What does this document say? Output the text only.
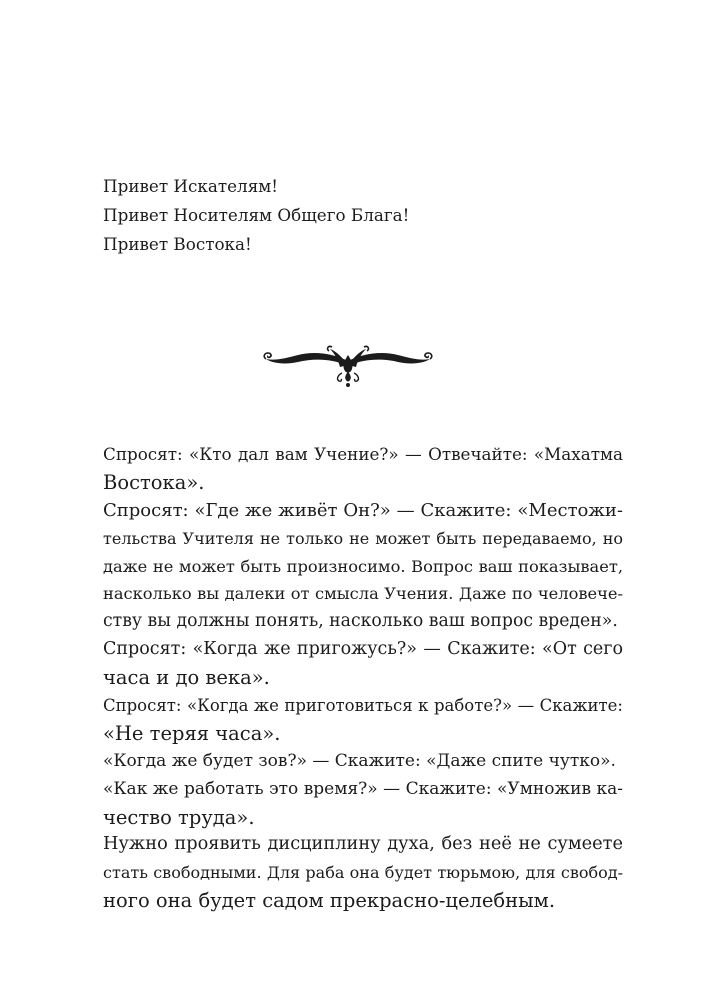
Привет Искателям!
Привет Носителям Общего Блага!
Привет Востока!
Спросят: «Кто дал вам Учение?» — Отвечайте: «Махатма
Востока».
Спросят: «Где же живёт Он?» — Скажите: «Местожи-
тельства Учителя не только не может быть передаваемо, но
даже не может быть произносимо. Вопрос ваш показывает,
насколько вы далеки от смысла Учения. Даже по человече-
ству вы должны понять, насколько ваш вопрос вреден».
Спросят: «Когда же пригожусь?» — Скажите: «От сего
часа и до века».
Спросят: «Когда же приготовиться к работе?» — Скажите:
«Не теряя часа».
«Когда же будет зов?» — Скажите: «Даже спите чутко».
«Как же работать это время?» — Скажите: «Умножив ка-
чество труда».
Нужно проявить дисциплину духа, без неё не сумеете
стать свободными. Для раба она будет тюрьмою, для свобод-
ного она будет садом прекрасно-целебным.
